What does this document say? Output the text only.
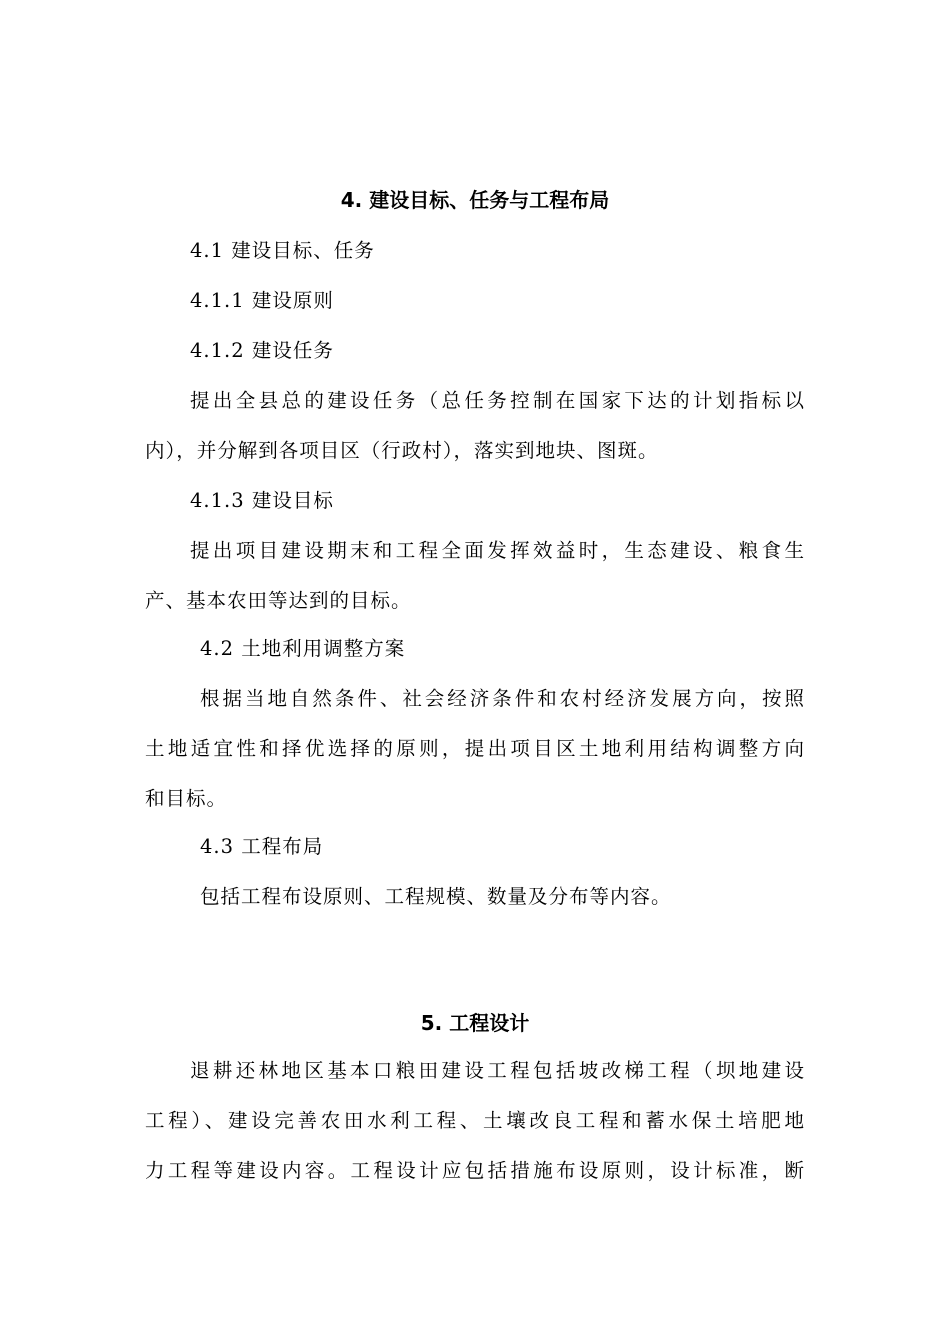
4. 建设目标、任务与工程布局

4.1 建设目标、任务

4.1.1 建设原则

4.1.2 建设任务

提出全县总的建设任务（总任务控制在国家下达的计划指标以

内），并分解到各项目区（行政村），落实到地块、图斑。

4.1.3 建设目标

提出项目建设期末和工程全面发挥效益时，生态建设、粮食生

产、基本农田等达到的目标。

4.2 土地利用调整方案

根据当地自然条件、社会经济条件和农村经济发展方向，按照

土地适宜性和择优选择的原则，提出项目区土地利用结构调整方向

和目标。

4.3 工程布局

包括工程布设原则、工程规模、数量及分布等内容。

5. 工程设计

退耕还林地区基本口粮田建设工程包括坡改梯工程（坝地建设

工程）、建设完善农田水利工程、土壤改良工程和蓄水保土培肥地

力工程等建设内容。工程设计应包括措施布设原则，设计标准，断
